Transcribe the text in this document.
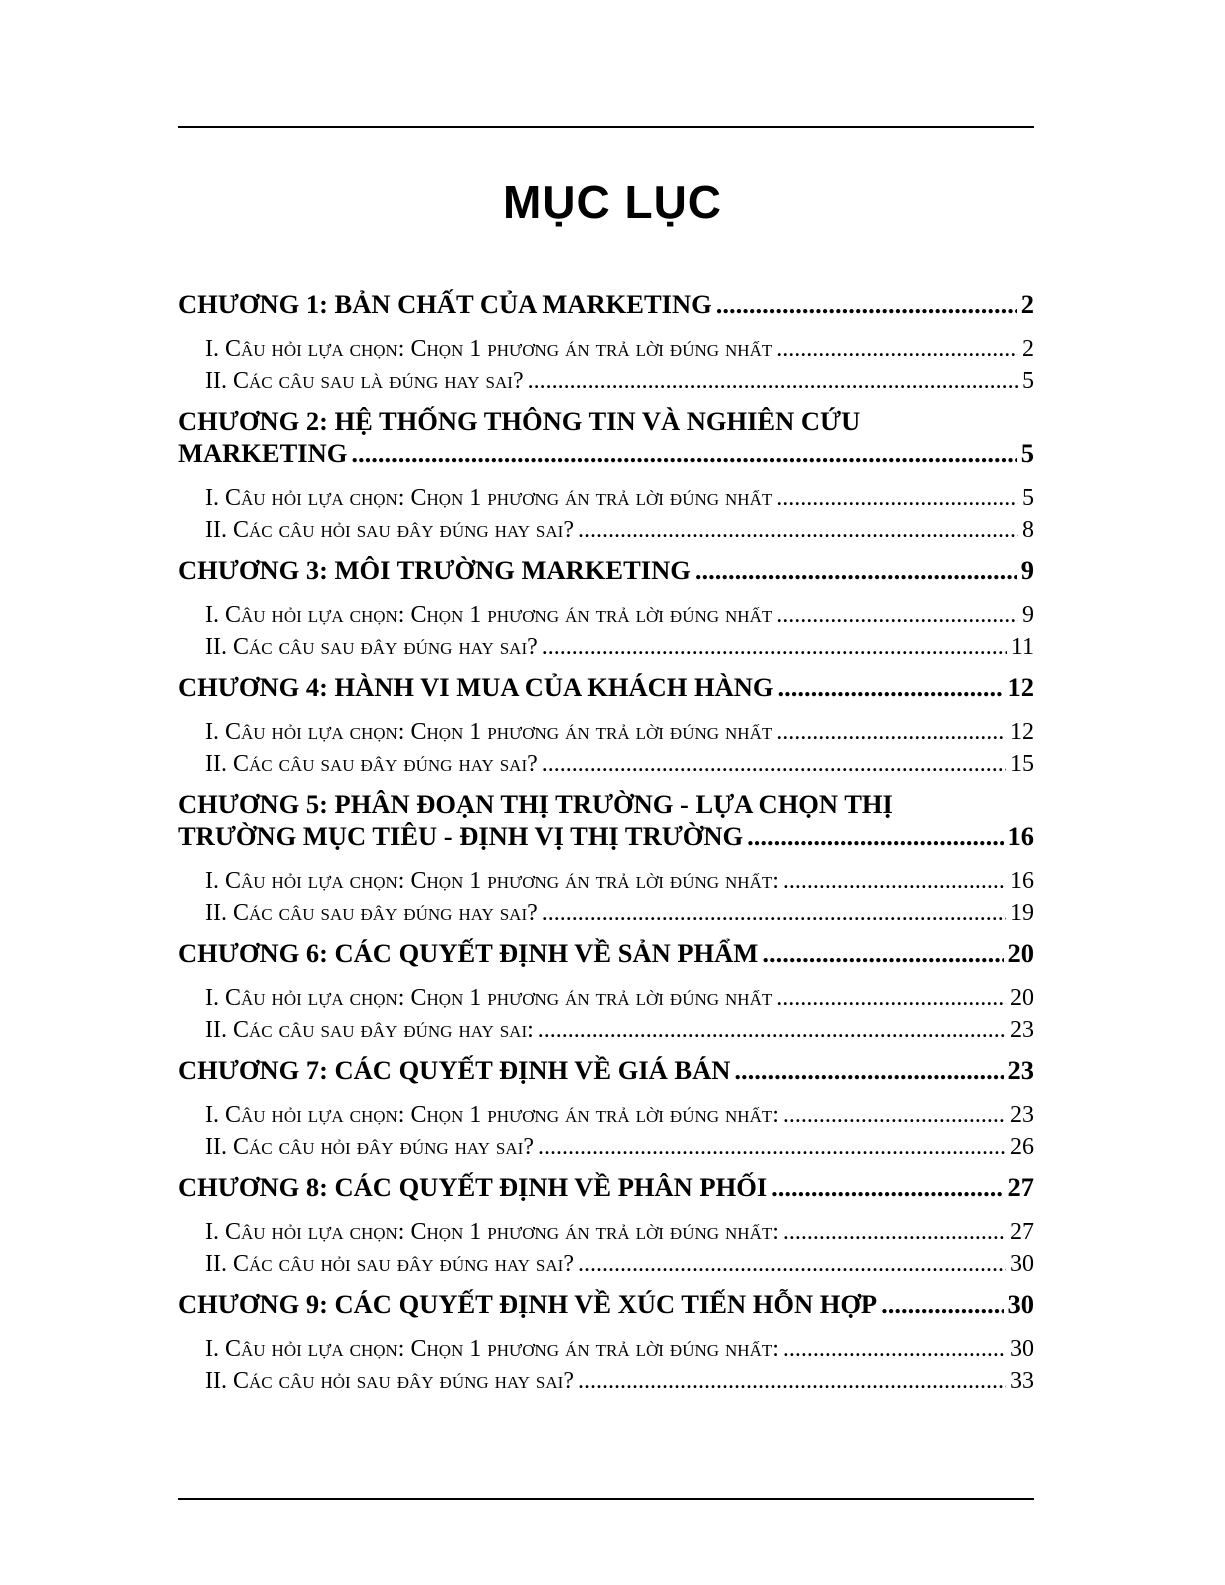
MỤC LỤC
CHƯƠNG 1: BẢN CHẤT CỦA MARKETING .....	2
I. Câu hỏi lựa chọn: Chọn 1 phương án trả lời đúng nhất .....	2
II. Các câu sau là đúng hay sai? .....	5
CHƯƠNG 2: HỆ THỐNG THÔNG TIN VÀ NGHIÊN CỨU
MARKETING .....	5
I. Câu hỏi lựa chọn: Chọn 1 phương án trả lời đúng nhất .....	5
II. Các câu hỏi sau đây đúng hay sai? .....	8
CHƯƠNG 3: MÔI TRƯỜNG MARKETING .....	9
I. Câu hỏi lựa chọn: Chọn 1 phương án trả lời đúng nhất .....	9
II. Các câu sau đây đúng hay sai? .....	11
CHƯƠNG 4: HÀNH VI MUA CỦA KHÁCH HÀNG .....	12
I. Câu hỏi lựa chọn: Chọn 1 phương án trả lời đúng nhất .....	12
II. Các câu sau đây đúng hay sai? .....	15
CHƯƠNG 5: PHÂN ĐOẠN THỊ TRƯỜNG - LỰA CHỌN THỊ
TRƯỜNG MỤC TIÊU - ĐỊNH VỊ THỊ TRƯỜNG .....	16
I. Câu hỏi lựa chọn: Chọn 1 phương án trả lời đúng nhất: .....	16
II. Các câu sau đây đúng hay sai? .....	19
CHƯƠNG 6: CÁC QUYẾT ĐỊNH VỀ SẢN PHẨM .....	20
I. Câu hỏi lựa chọn: Chọn 1 phương án trả lời đúng nhất .....	20
II. Các câu sau đây đúng hay sai: .....	23
CHƯƠNG 7: CÁC QUYẾT ĐỊNH VỀ GIÁ BÁN .....	23
I. Câu hỏi lựa chọn: Chọn 1 phương án trả lời đúng nhất: .....	23
II. Các câu hỏi đây đúng hay sai? .....	26
CHƯƠNG 8: CÁC QUYẾT ĐỊNH VỀ PHÂN PHỐI .....	27
I. Câu hỏi lựa chọn: Chọn 1 phương án trả lời đúng nhất: .....	27
II. Các câu hỏi sau đây đúng hay sai? .....	30
CHƯƠNG 9: CÁC QUYẾT ĐỊNH VỀ XÚC TIẾN HỖN HỢP .....	30
I. Câu hỏi lựa chọn: Chọn 1 phương án trả lời đúng nhất: .....	30
II. Các câu hỏi sau đây đúng hay sai? .....	33
